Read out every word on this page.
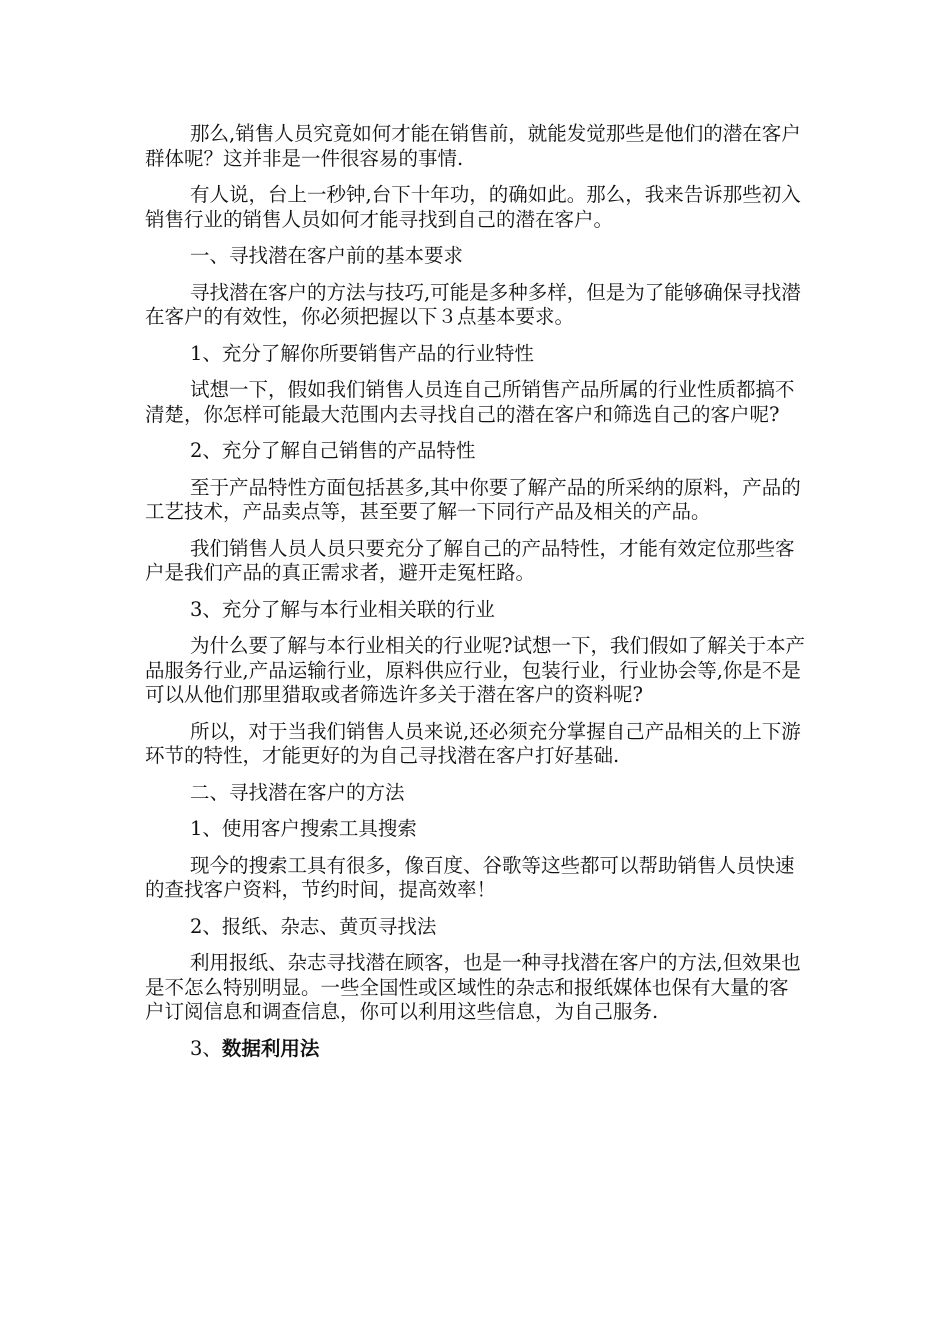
那么,销售人员究竟如何才能在销售前，就能发觉那些是他们的潜在客户群体呢？这并非是一件很容易的事情.

有人说，台上一秒钟,台下十年功，的确如此。那么，我来告诉那些初入销售行业的销售人员如何才能寻找到自己的潜在客户。

一、寻找潜在客户前的基本要求

寻找潜在客户的方法与技巧,可能是多种多样，但是为了能够确保寻找潜在客户的有效性，你必须把握以下３点基本要求。

1、充分了解你所要销售产品的行业特性

试想一下，假如我们销售人员连自己所销售产品所属的行业性质都搞不清楚，你怎样可能最大范围内去寻找自己的潜在客户和筛选自己的客户呢?

2、充分了解自己销售的产品特性

至于产品特性方面包括甚多,其中你要了解产品的所采纳的原料，产品的工艺技术，产品卖点等，甚至要了解一下同行产品及相关的产品。

我们销售人员人员只要充分了解自己的产品特性，才能有效定位那些客户是我们产品的真正需求者，避开走冤枉路。

3、充分了解与本行业相关联的行业

为什么要了解与本行业相关的行业呢?试想一下，我们假如了解关于本产品服务行业,产品运输行业，原料供应行业，包装行业，行业协会等,你是不是可以从他们那里猎取或者筛选许多关于潜在客户的资料呢?

所以，对于当我们销售人员来说,还必须充分掌握自己产品相关的上下游环节的特性，才能更好的为自己寻找潜在客户打好基础.

二、寻找潜在客户的方法

1、使用客户搜索工具搜索

现今的搜索工具有很多，像百度、谷歌等这些都可以帮助销售人员快速的查找客户资料，节约时间，提高效率！

2、报纸、杂志、黄页寻找法

利用报纸、杂志寻找潜在顾客，也是一种寻找潜在客户的方法,但效果也是不怎么特别明显。一些全国性或区域性的杂志和报纸媒体也保有大量的客户订阅信息和调查信息，你可以利用这些信息，为自己服务.

3、数据利用法
